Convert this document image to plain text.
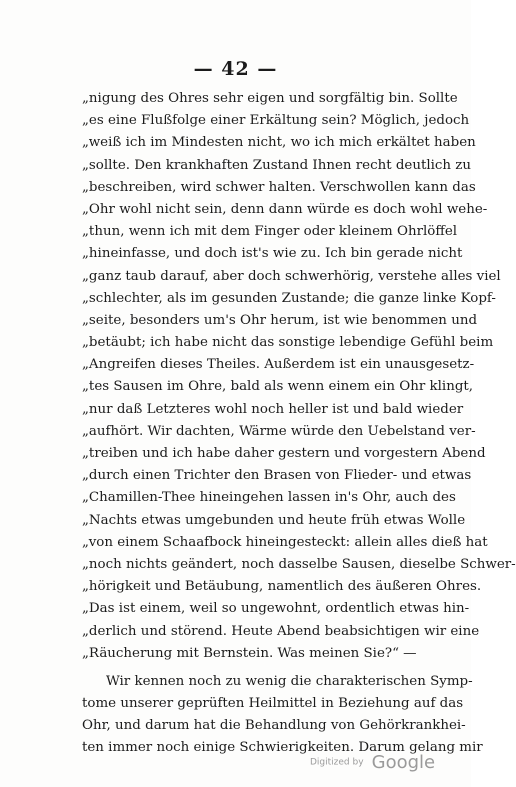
— 42 —
„nigung des Ohres sehr eigen und sorgfältig bin. Sollte
„es eine Flußfolge einer Erkältung sein? Möglich, jedoch
„weiß ich im Mindesten nicht, wo ich mich erkältet haben
„sollte. Den krankhaften Zustand Ihnen recht deutlich zu
„beschreiben, wird schwer halten. Verschwollen kann das
„Ohr wohl nicht sein, denn dann würde es doch wohl wehe-
„thun, wenn ich mit dem Finger oder kleinem Ohrlöffel
„hineinfasse, und doch ist's wie zu. Ich bin gerade nicht
„ganz taub darauf, aber doch schwerhörig, verstehe alles viel
„schlechter, als im gesunden Zustande; die ganze linke Kopf-
„seite, besonders um's Ohr herum, ist wie benommen und
„betäubt; ich habe nicht das sonstige lebendige Gefühl beim
„Angreifen dieses Theiles. Außerdem ist ein unausgesetz-
„tes Sausen im Ohre, bald als wenn einem ein Ohr klingt,
„nur daß Letzteres wohl noch heller ist und bald wieder
„aufhört. Wir dachten, Wärme würde den Uebelstand ver-
„treiben und ich habe daher gestern und vorgestern Abend
„durch einen Trichter den Brasen von Flieder- und etwas
„Chamillen-Thee hineingehen lassen in's Ohr, auch des
„Nachts etwas umgebunden und heute früh etwas Wolle
„von einem Schaafbock hineingesteckt: allein alles dieß hat
„noch nichts geändert, noch dasselbe Sausen, dieselbe Schwer-
„hörigkeit und Betäubung, namentlich des äußeren Ohres.
„Das ist einem, weil so ungewohnt, ordentlich etwas hin-
„derlich und störend. Heute Abend beabsichtigen wir eine
„Räucherung mit Bernstein. Was meinen Sie?“ —
Wir kennen noch zu wenig die charakterischen Symp-
tome unserer geprüften Heilmittel in Beziehung auf das
Ohr, und darum hat die Behandlung von Gehörkrankhei-
ten immer noch einige Schwierigkeiten. Darum gelang mir
Digitized by Google
